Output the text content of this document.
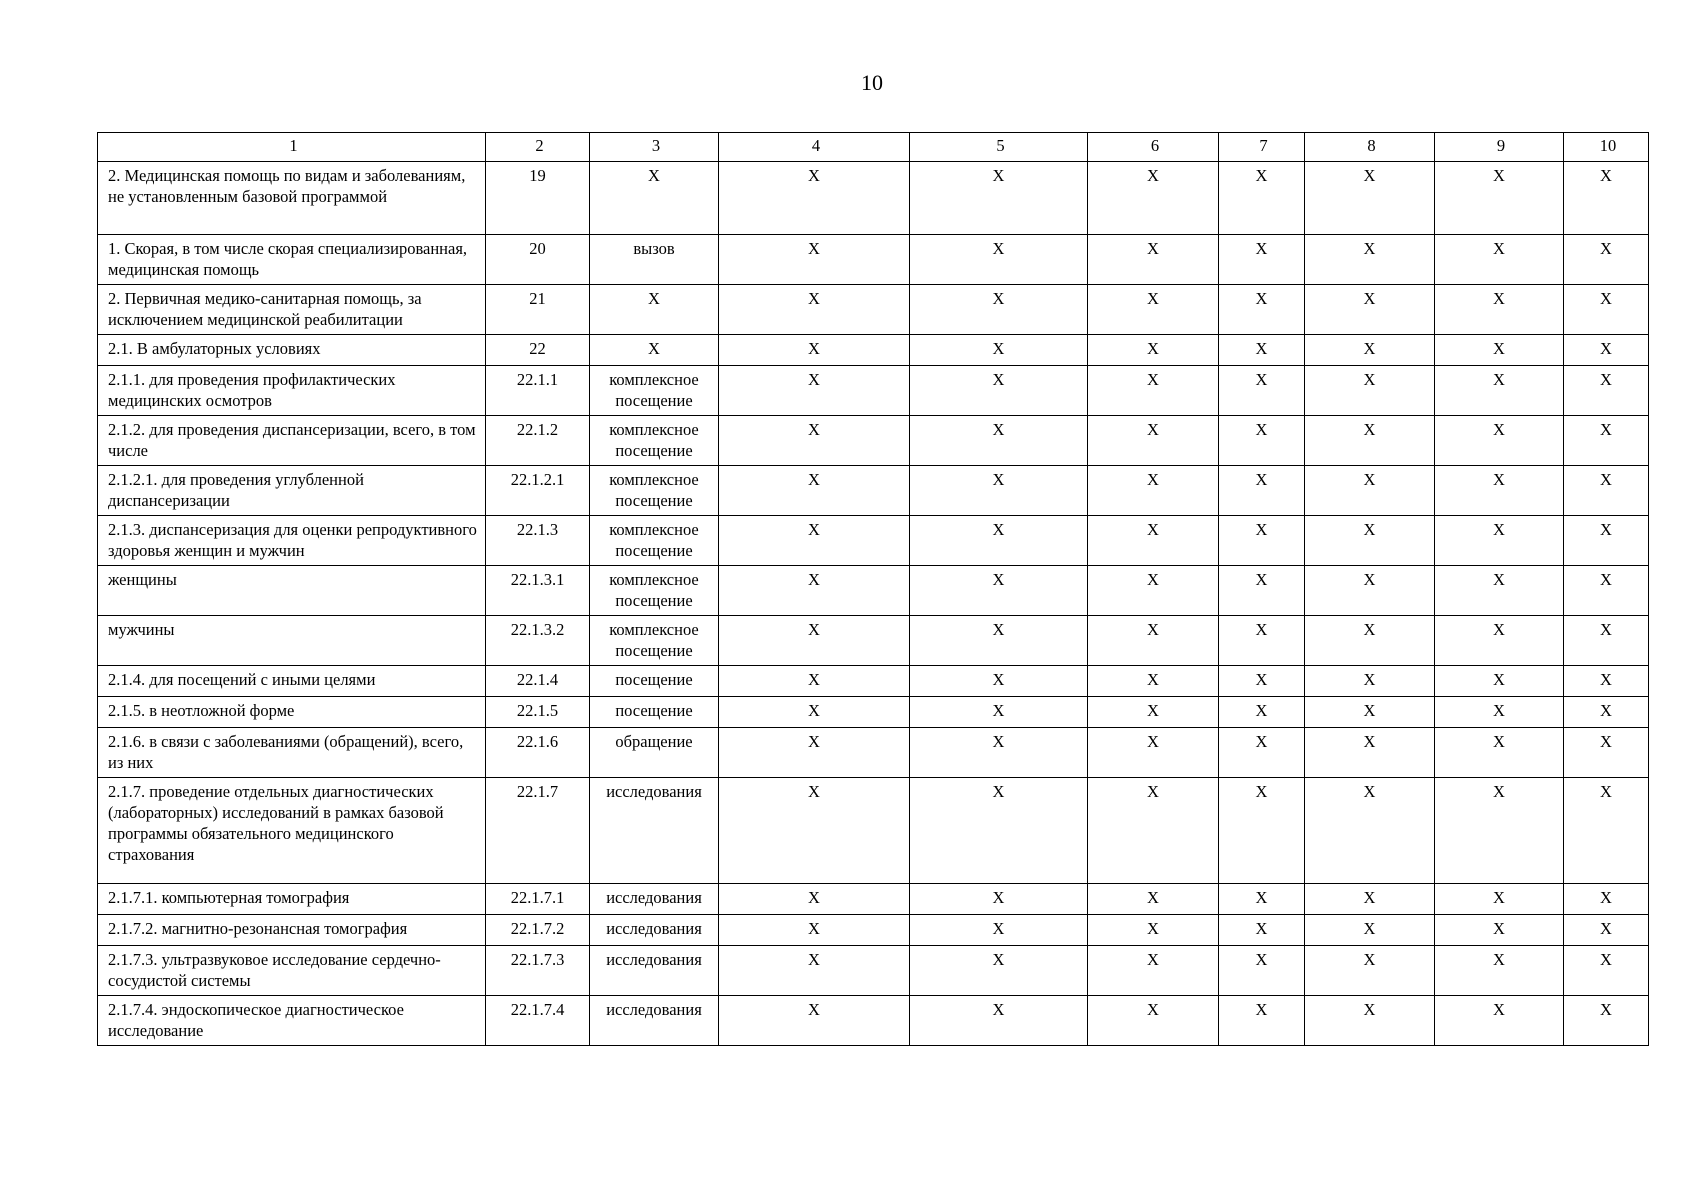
10
1	2	3	4	5	6	7	8	9	10
2. Медицинская помощь по видам и заболеваниям, не установленным базовой программой	19	Х	Х	Х	Х	Х	Х	Х	Х
1. Скорая, в том числе скорая специализированная, медицинская помощь	20	вызов	Х	Х	Х	Х	Х	Х	Х
2. Первичная медико-санитарная помощь, за исключением медицинской реабилитации	21	Х	Х	Х	Х	Х	Х	Х	Х
2.1. В амбулаторных условиях	22	Х	Х	Х	Х	Х	Х	Х	Х
2.1.1. для проведения профилактических медицинских осмотров	22.1.1	комплексное посещение	Х	Х	Х	Х	Х	Х	Х
2.1.2. для проведения диспансеризации, всего, в том числе	22.1.2	комплексное посещение	Х	Х	Х	Х	Х	Х	Х
2.1.2.1. для проведения углубленной диспансеризации	22.1.2.1	комплексное посещение	Х	Х	Х	Х	Х	Х	Х
2.1.3. диспансеризация для оценки репродуктивного здоровья женщин и мужчин	22.1.3	комплексное посещение	Х	Х	Х	Х	Х	Х	Х
женщины	22.1.3.1	комплексное посещение	Х	Х	Х	Х	Х	Х	Х
мужчины	22.1.3.2	комплексное посещение	Х	Х	Х	Х	Х	Х	Х
2.1.4. для посещений с иными целями	22.1.4	посещение	Х	Х	Х	Х	Х	Х	Х
2.1.5. в неотложной форме	22.1.5	посещение	Х	Х	Х	Х	Х	Х	Х
2.1.6. в связи с заболеваниями (обращений), всего, из них	22.1.6	обращение	Х	Х	Х	Х	Х	Х	Х
2.1.7. проведение отдельных диагностических (лабораторных) исследований в рамках базовой программы обязательного медицинского страхования	22.1.7	исследования	Х	Х	Х	Х	Х	Х	Х
2.1.7.1. компьютерная томография	22.1.7.1	исследования	Х	Х	Х	Х	Х	Х	Х
2.1.7.2. магнитно-резонансная томография	22.1.7.2	исследования	Х	Х	Х	Х	Х	Х	Х
2.1.7.3. ультразвуковое исследование сердечно-сосудистой системы	22.1.7.3	исследования	Х	Х	Х	Х	Х	Х	Х
2.1.7.4. эндоскопическое диагностическое исследование	22.1.7.4	исследования	Х	Х	Х	Х	Х	Х	Х
